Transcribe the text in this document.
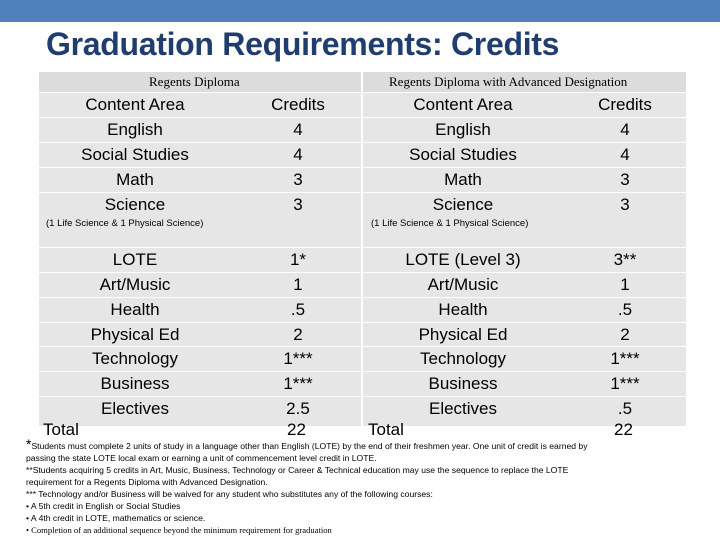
Graduation Requirements: Credits
Regents Diploma	Regents Diploma with Advanced Designation
Content Area	Credits
English	4
Social Studies	4
Math	3
Science	3
(1 Life Science & 1 Physical Science)
LOTE	1*
Art/Music	1
Health	.5
Physical Ed	2
Technology	1***
Business	1***
Electives	2.5
Total	22
Content Area	Credits
English	4
Social Studies	4
Math	3
Science	3
(1 Life Science & 1 Physical Science)
LOTE (Level 3)	3**
Art/Music	1
Health	.5
Physical Ed	2
Technology	1***
Business	1***
Electives	.5
Total	22
*Students must complete 2 units of study in a language other than English (LOTE) by the end of their freshmen year. One unit of credit is earned by
passing the state LOTE local exam or earning a unit of commencement level credit in LOTE.
**Students acquiring 5 credits in Art, Music, Business, Technology or Career & Technical education may use the sequence to replace the LOTE
requirement for a Regents Diploma with Advanced Designation.
*** Technology and/or Business will be waived for any student who substitutes any of the following courses:
• A 5th credit in English or Social Studies
• A 4th credit in LOTE, mathematics or science.
• Completion of an additional sequence beyond the minimum requirement for graduation
